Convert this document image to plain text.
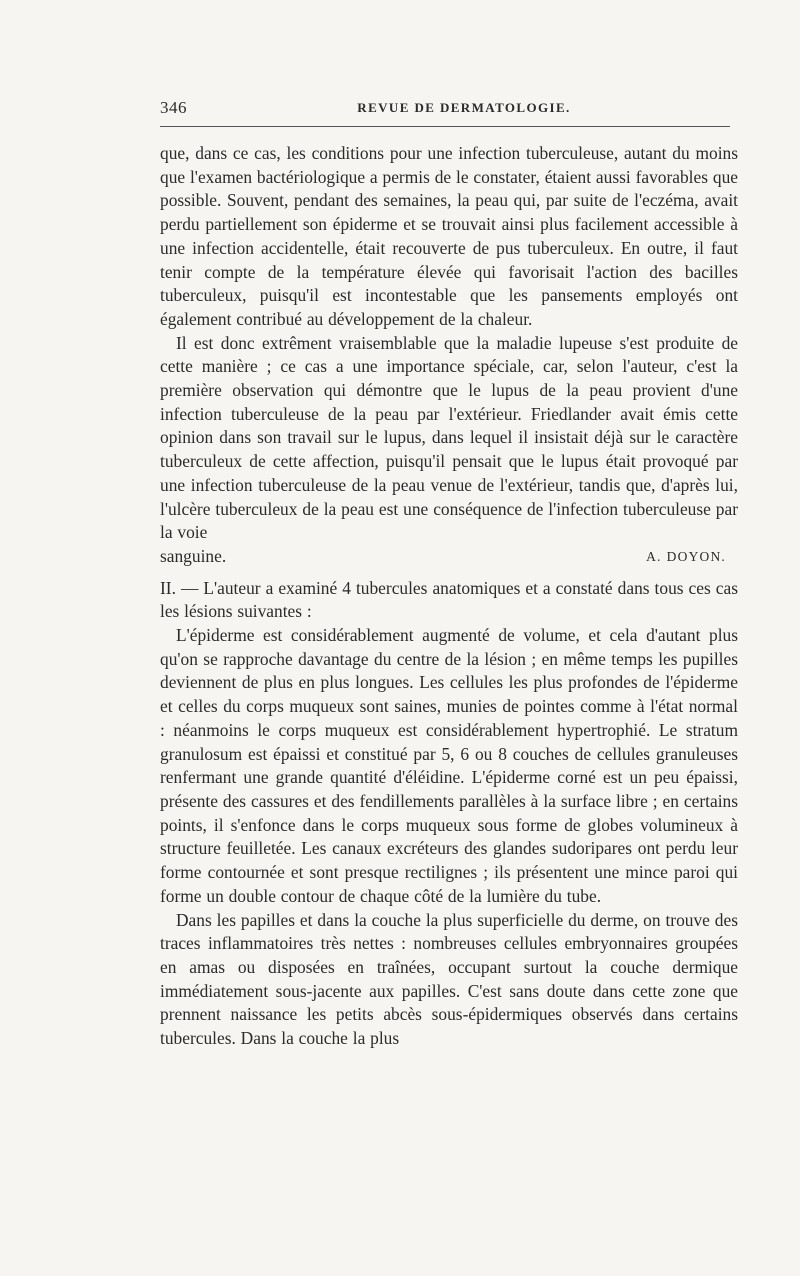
346	REVUE DE DERMATOLOGIE.

que, dans ce cas, les conditions pour une infection tuberculeuse, autant du moins que l'examen bactériologique a permis de le constater, étaient aussi favorables que possible. Souvent, pendant des semaines, la peau qui, par suite de l'eczéma, avait perdu partiellement son épiderme et se trouvait ainsi plus facilement accessible à une infection accidentelle, était recouverte de pus tuberculeux. En outre, il faut tenir compte de la température élevée qui favorisait l'action des bacilles tuberculeux, puisqu'il est incontestable que les pansements employés ont également contribué au développement de la chaleur.

Il est donc extrêment vraisemblable que la maladie lupeuse s'est produite de cette manière ; ce cas a une importance spéciale, car, selon l'auteur, c'est la première observation qui démontre que le lupus de la peau provient d'une infection tuberculeuse de la peau par l'extérieur. Friedlander avait émis cette opinion dans son travail sur le lupus, dans lequel il insistait déjà sur le caractère tuberculeux de cette affection, puisqu'il pensait que le lupus était provoqué par une infection tuberculeuse de la peau venue de l'extérieur, tandis que, d'après lui, l'ulcère tuberculeux de la peau est une conséquence de l'infection tuberculeuse par la voie

sanguine.	A. DOYON.

II. — L'auteur a examiné 4 tubercules anatomiques et a constaté dans tous ces cas les lésions suivantes :

L'épiderme est considérablement augmenté de volume, et cela d'autant plus qu'on se rapproche davantage du centre de la lésion ; en même temps les pupilles deviennent de plus en plus longues. Les cellules les plus profondes de l'épiderme et celles du corps muqueux sont saines, munies de pointes comme à l'état normal : néanmoins le corps muqueux est considérablement hypertrophié. Le stratum granulosum est épaissi et constitué par 5, 6 ou 8 couches de cellules granuleuses renfermant une grande quantité d'éléidine. L'épiderme corné est un peu épaissi, présente des cassures et des fendillements parallèles à la surface libre ; en certains points, il s'enfonce dans le corps muqueux sous forme de globes volumineux à structure feuilletée. Les canaux excréteurs des glandes sudoripares ont perdu leur forme contournée et sont presque rectilignes ; ils présentent une mince paroi qui forme un double contour de chaque côté de la lumière du tube.

Dans les papilles et dans la couche la plus superficielle du derme, on trouve des traces inflammatoires très nettes : nombreuses cellules embryonnaires groupées en amas ou disposées en traînées, occupant surtout la couche dermique immédiatement sous-jacente aux papilles. C'est sans doute dans cette zone que prennent naissance les petits abcès sous-épidermiques observés dans certains tubercules. Dans la couche la plus
